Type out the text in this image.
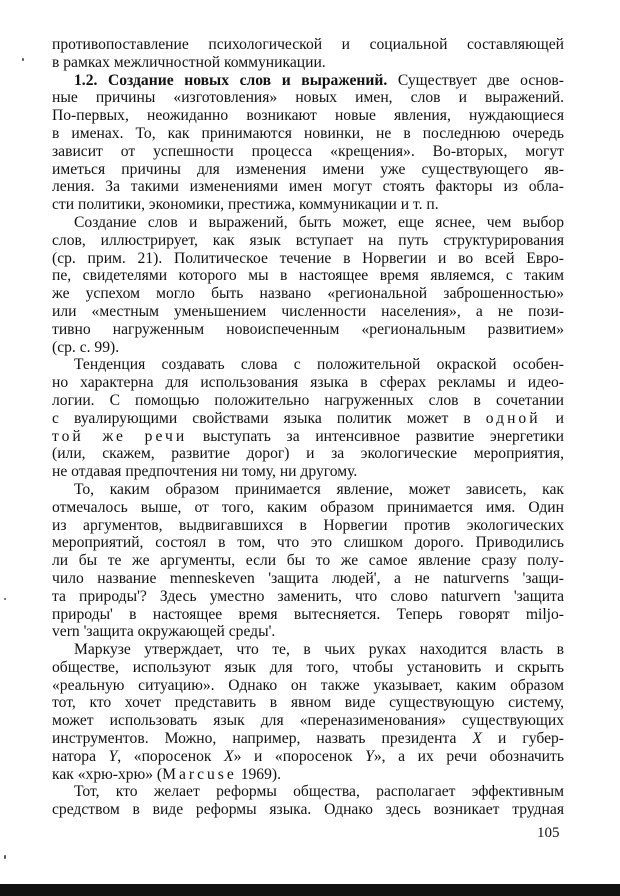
противопоставление психологической и социальной составляющей
в рамках межличностной коммуникации.

1.2. Создание новых слов и выражений. Существует две основ-
ные причины «изготовления» новых имен, слов и выражений.
По-первых, неожиданно возникают новые явления, нуждающиеся
в именах. То, как принимаются новинки, не в последнюю очередь
зависит от успешности процесса «крещения». Во-вторых, могут
иметься причины для изменения имени уже существующего яв-
ления. За такими изменениями имен могут стоять факторы из обла-
сти политики, экономики, престижа, коммуникации и т. п.

Создание слов и выражений, быть может, еще яснее, чем выбор
слов, иллюстрирует, как язык вступает на путь структурирования
(ср. прим. 21). Политическое течение в Норвегии и во всей Евро-
пе, свидетелями которого мы в настоящее время являемся, с таким
же успехом могло быть названо «региональной заброшенностью»
или «местным уменьшением численности населения», а не пози-
тивно нагруженным новоиспеченным «региональным развитием»
(ср. с. 99).

Тенденция создавать слова с положительной окраской особен-
но характерна для использования языка в сферах рекламы и идео-
логии. С помощью положительно нагруженных слов в сочетании
с вуалирующими свойствами языка политик может в одной и
той же речи выступать за интенсивное развитие энергетики
(или, скажем, развитие дорог) и за экологические мероприятия,
не отдавая предпочтения ни тому, ни другому.

То, каким образом принимается явление, может зависеть, как
отмечалось выше, от того, каким образом принимается имя. Один
из аргументов, выдвигавшихся в Норвегии против экологических
мероприятий, состоял в том, что это слишком дорого. Приводились
ли бы те же аргументы, если бы то же самое явление сразу полу-
чило название menneskeven 'защита людей', а не naturverns 'защи-
та природы'? Здесь уместно заменить, что слово naturvern 'защита
природы' в настоящее время вытесняется. Теперь говорят miljо-
vern 'защита окружающей среды'.

Маркузе утверждает, что те, в чьих руках находится власть в
обществе, используют язык для того, чтобы установить и скрыть
«реальную ситуацию». Однако он также указывает, каким образом
тот, кто хочет представить в явном виде существующую систему,
может использовать язык для «переназименования» существующих
инструментов. Можно, например, назвать президента X и губер-
натора Y, «поросенок X» и «поросенок Y», а их речи обозначить
как «хрю-хрю» (Marcuse 1969).

Тот, кто желает реформы общества, располагает эффективным
средством в виде реформы языка. Однако здесь возникает трудная

105
